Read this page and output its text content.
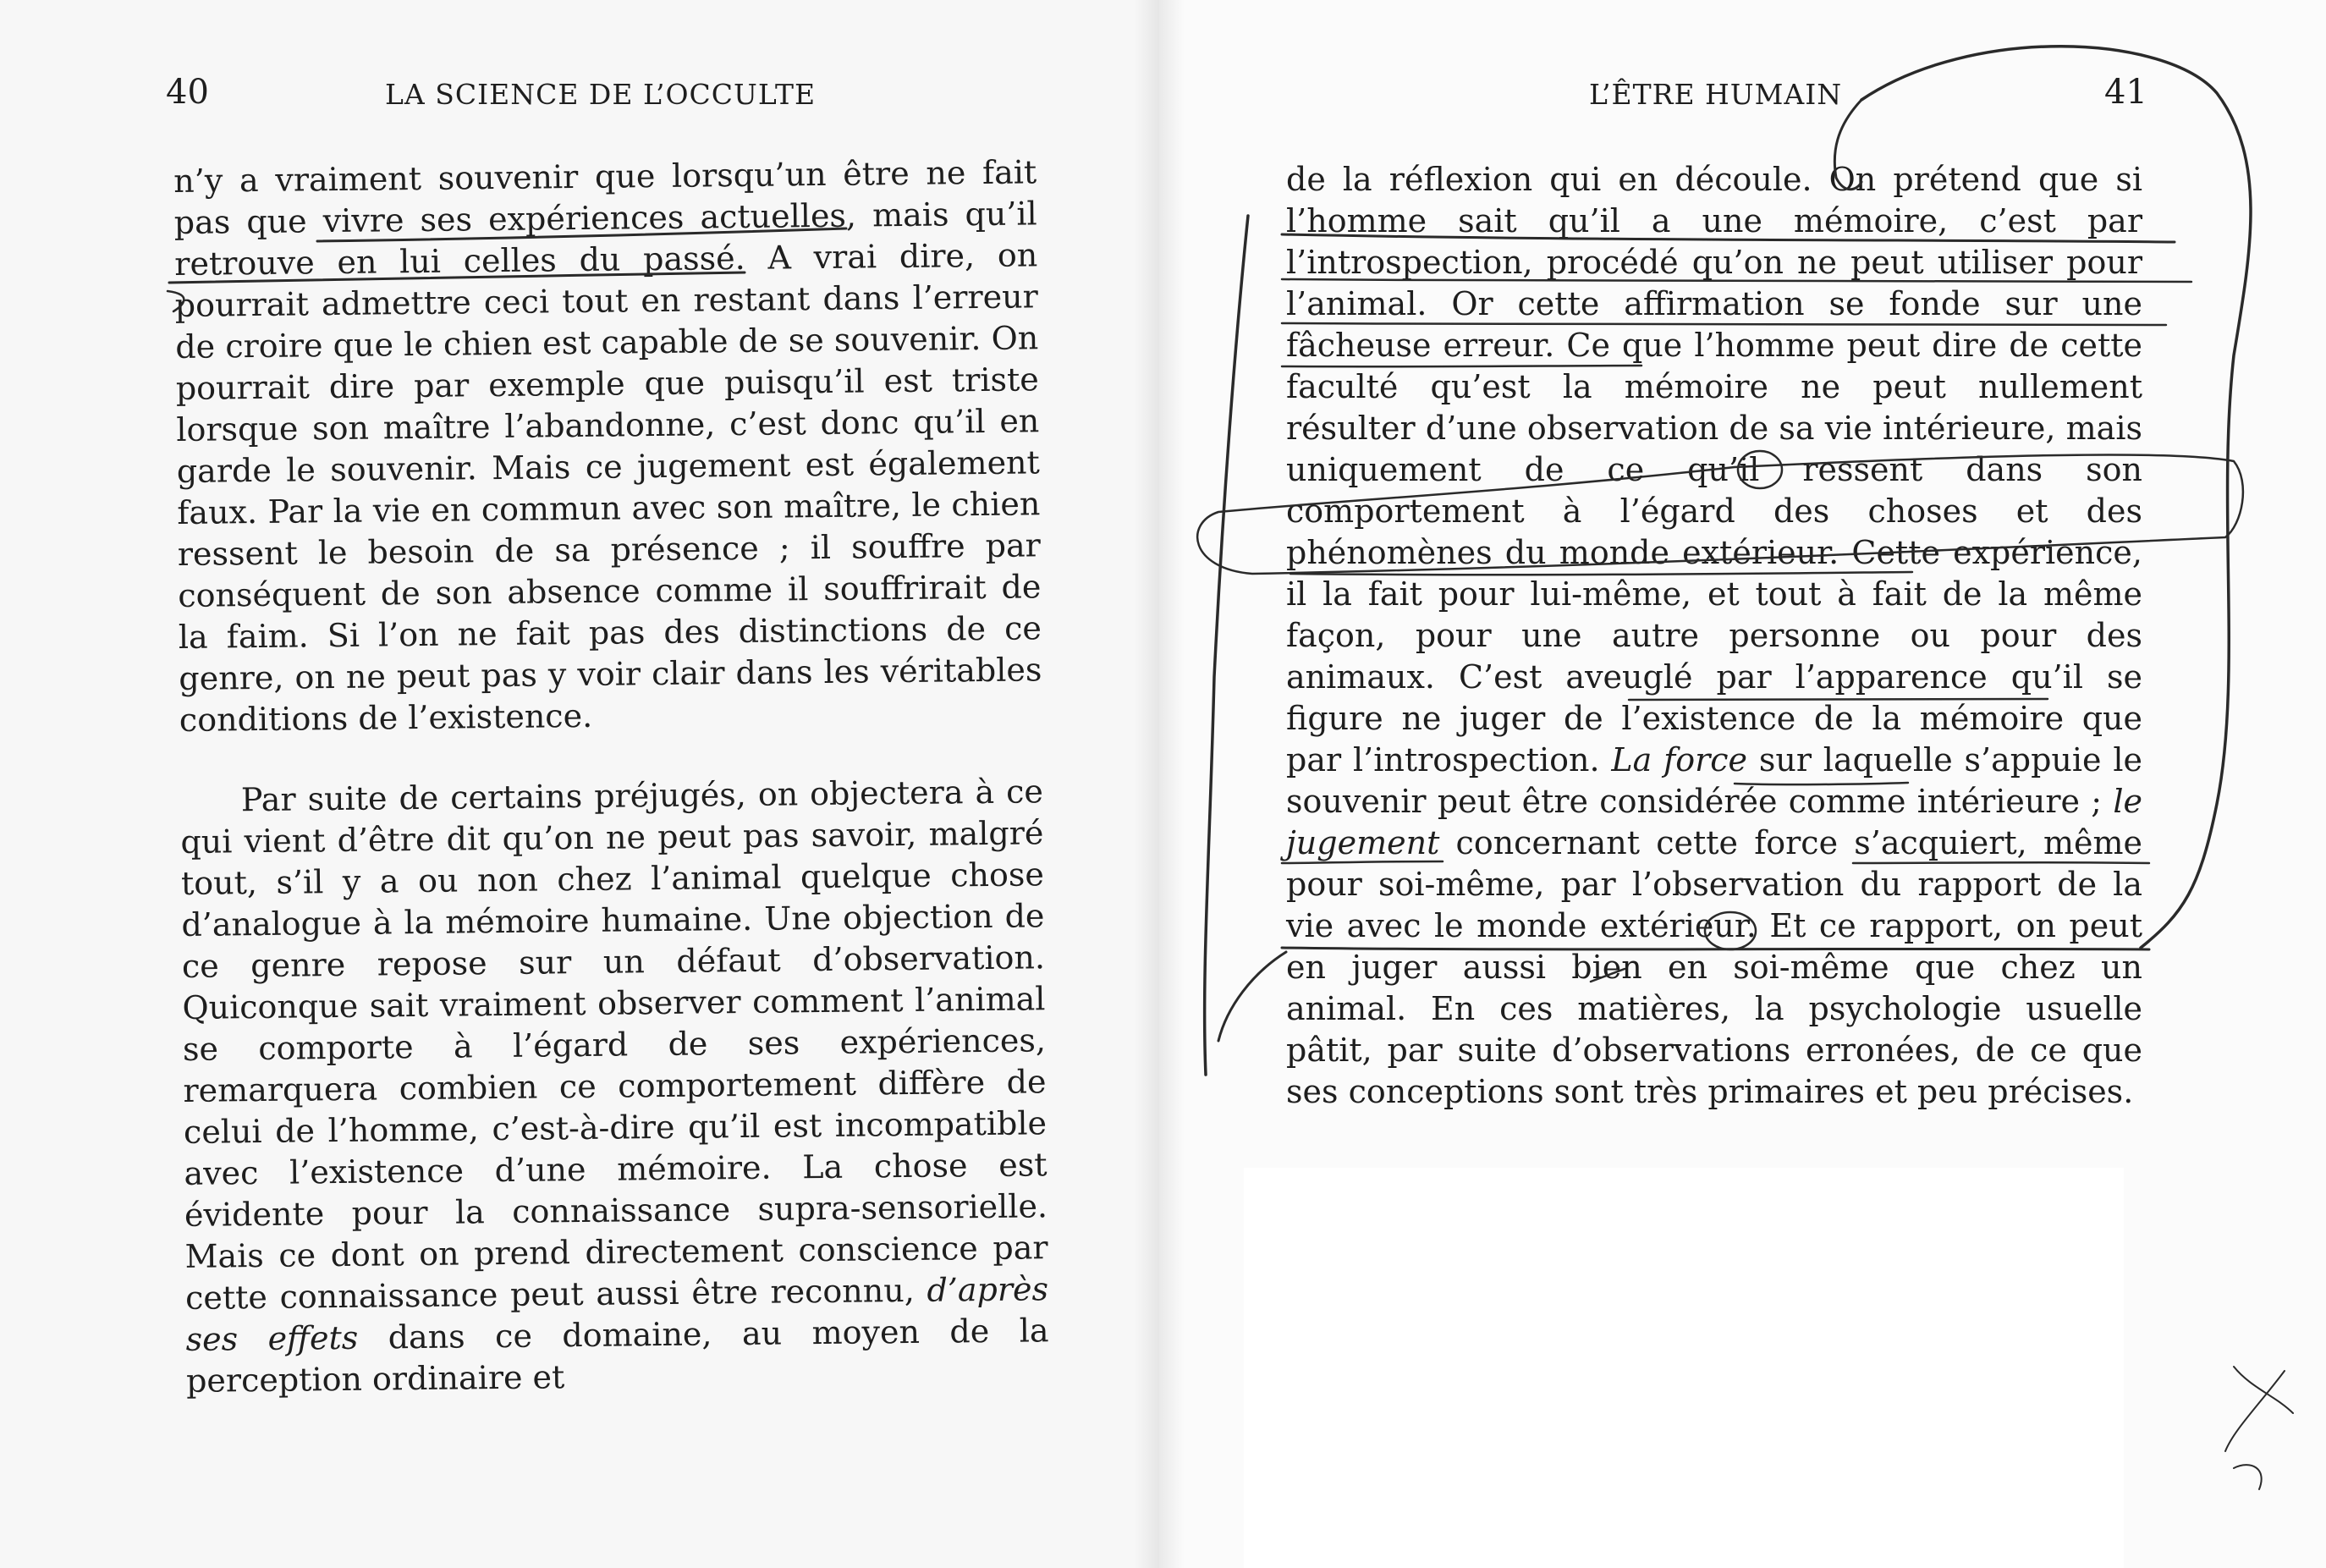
40	LA SCIENCE DE L’OCCULTE

n’y a vraiment souvenir que lorsqu’un être ne fait pas que vivre ses expériences actuelles, mais qu’il retrouve en lui celles du passé. A vrai dire, on pourrait admettre ceci tout en restant dans l’erreur de croire que le chien est capable de se souvenir. On pourrait dire par exemple que puisqu’il est triste lorsque son maître l’abandonne, c’est donc qu’il en garde le souvenir. Mais ce jugement est également faux. Par la vie en commun avec son maître, le chien ressent le besoin de sa présence ; il souffre par conséquent de son absence comme il souffrirait de la faim. Si l’on ne fait pas des distinctions de ce genre, on ne peut pas y voir clair dans les véritables conditions de l’existence.

Par suite de certains préjugés, on objectera à ce qui vient d’être dit qu’on ne peut pas savoir, malgré tout, s’il y a ou non chez l’animal quelque chose d’analogue à la mémoire humaine. Une objection de ce genre repose sur un défaut d’observation. Quiconque sait vraiment observer comment l’animal se comporte à l’égard de ses expériences, remarquera combien ce comportement diffère de celui de l’homme, c’est-à-dire qu’il est incompatible avec l’existence d’une mémoire. La chose est évidente pour la connaissance supra-sensorielle. Mais ce dont on prend directement conscience par cette connaissance peut aussi être reconnu, d’après ses effets dans ce domaine, au moyen de la perception ordinaire et

L’ÊTRE HUMAIN	41

de la réflexion qui en découle. On prétend que si l’homme sait qu’il a une mémoire, c’est par l’introspection, procédé qu’on ne peut utiliser pour l’animal. Or cette affirmation se fonde sur une fâcheuse erreur. Ce que l’homme peut dire de cette faculté qu’est la mémoire ne peut nullement résulter d’une observation de sa vie intérieure, mais uniquement de ce qu’il ressent dans son comportement à l’égard des choses et des phénomènes du monde extérieur. Cette expérience, il la fait pour lui-même, et tout à fait de la même façon, pour une autre personne ou pour des animaux. C’est aveuglé par l’apparence qu’il se figure ne juger de l’existence de la mémoire que par l’introspection. La force sur laquelle s’appuie le souvenir peut être considérée comme intérieure ; le jugement concernant cette force s’acquiert, même pour soi-même, par l’observation du rapport de la vie avec le monde extérieur. Et ce rapport, on peut en juger aussi bien en soi-même que chez un animal. En ces matières, la psychologie usuelle pâtit, par suite d’observations erronées, de ce que ses conceptions sont très primaires et peu précises.
